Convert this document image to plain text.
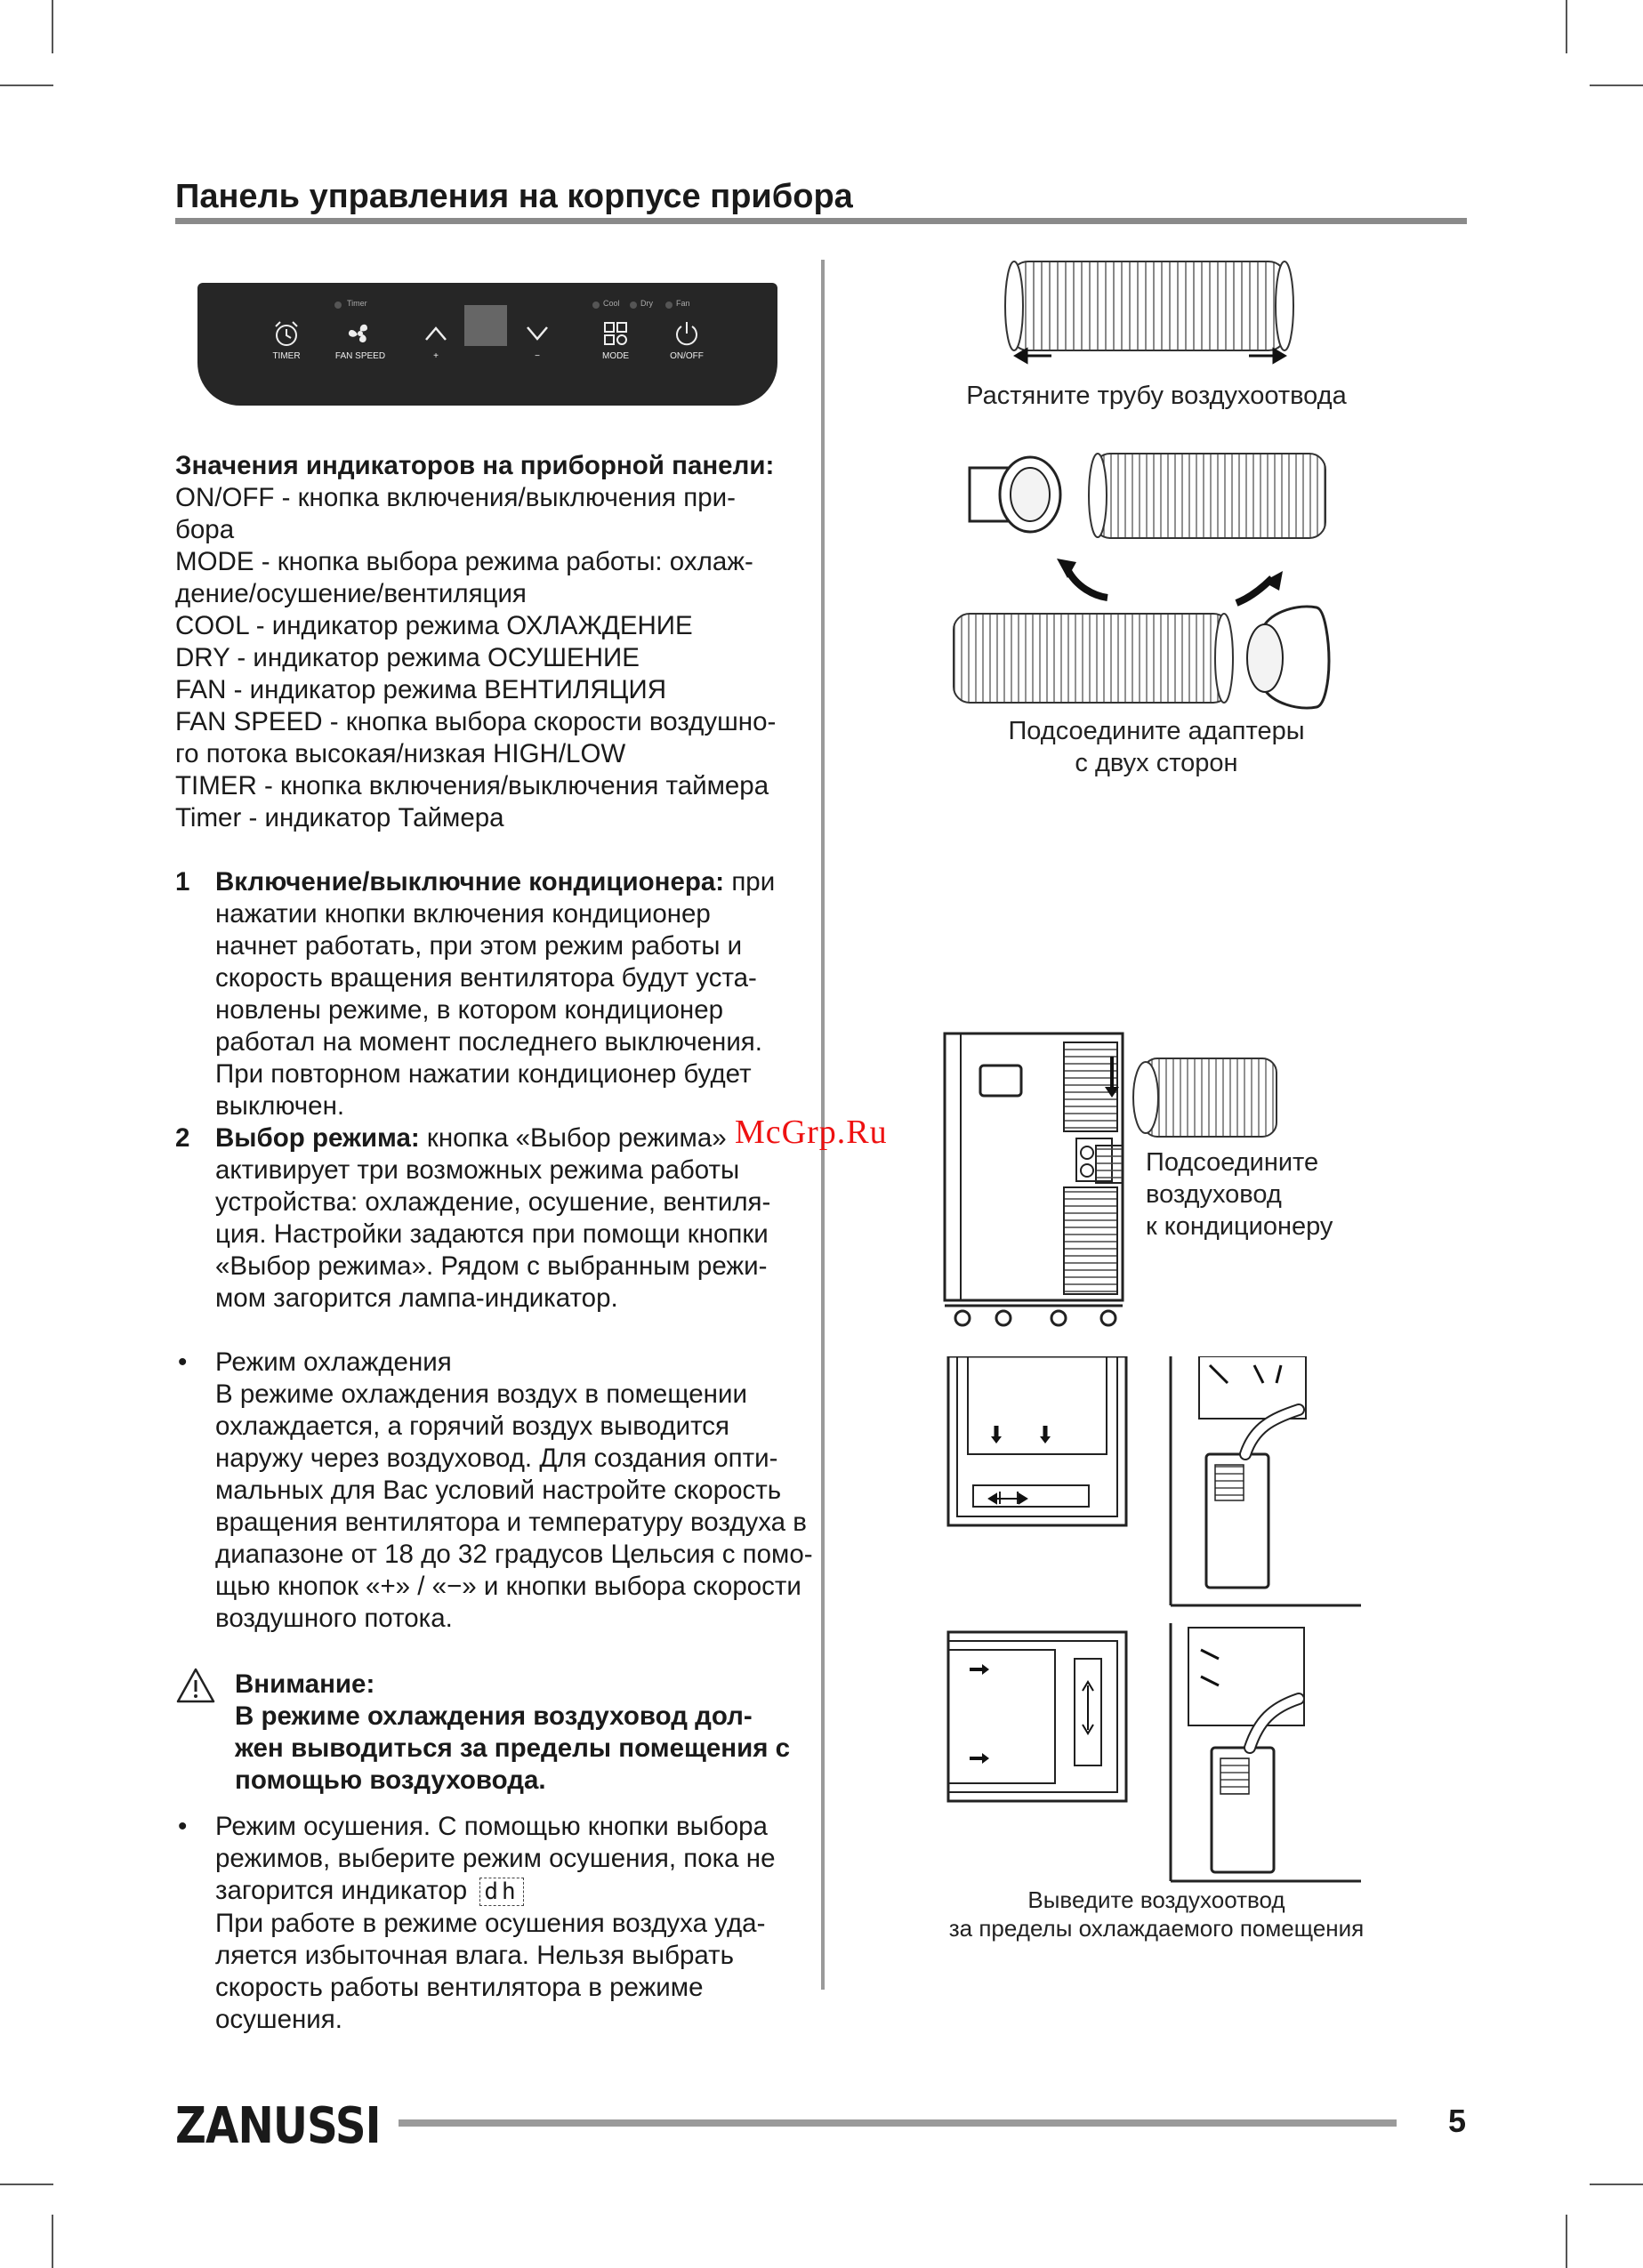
Панель управления на корпусе прибора
Timer	Cool	Dry	Fan
TIMER	FAN SPEED	+	−	MODE	ON/OFF
Значения индикаторов на приборной панели:
ON/OFF - кнопка включения/выключения при-
бора
MODE - кнопка выбора режима работы: охлаж-
дение/осушение/вентиляция
COOL - индикатор режима ОХЛАЖДЕНИЕ
DRY - индикатор режима ОСУШЕНИЕ
FAN - индикатор режима ВЕНТИЛЯЦИЯ
FAN SPEED - кнопка выбора скорости воздушно-
го потока высокая/низкая HIGH/LOW
TIMER - кнопка включения/выключения таймера
Timer - индикатор Таймера
1 Включение/выключние кондиционера: при
нажатии кнопки включения кондиционер
начнет работать, при этом режим работы и
скорость вращения вентилятора будут уста-
новлены режиме, в котором кондиционер
работал на момент последнего выключения.
При повторном нажатии кондиционер будет
выключен.
2 Выбор режима: кнопка «Выбор режима»
активирует три возможных режима работы
устройства: охлаждение, осушение, вентиля-
ция. Настройки задаются при помощи кнопки
«Выбор режима». Рядом с выбранным режи-
мом загорится лампа-индикатор.
• Режим охлаждения
В режиме охлаждения воздух в помещении
охлаждается, а горячий воздух выводится
наружу через воздуховод. Для создания опти-
мальных для Вас условий настройте скорость
вращения вентилятора и температуру воздуха в
диапазоне от 18 до 32 градусов Цельсия с помо-
щью кнопок «+» / «−» и кнопки выбора скорости
воздушного потока.
Внимание:
В режиме охлаждения воздуховод дол-
жен выводиться за пределы помещения с
помощью воздуховода.
• Режим осушения. С помощью кнопки выбора
режимов, выберите режим осушения, пока не
загорится индикатор dh
При работе в режиме осушения воздуха уда-
ляется избыточная влага. Нельзя выбрать
скорость работы вентилятора в режиме
осушения.
Растяните трубу воздухоотвода
Подсоедините адаптеры
с двух сторон
Подсоедините
воздуховод
к кондиционеру
Выведите воздухоотвод
за пределы охлаждаемого помещения
McGrp.Ru
ZANUSSI	5
